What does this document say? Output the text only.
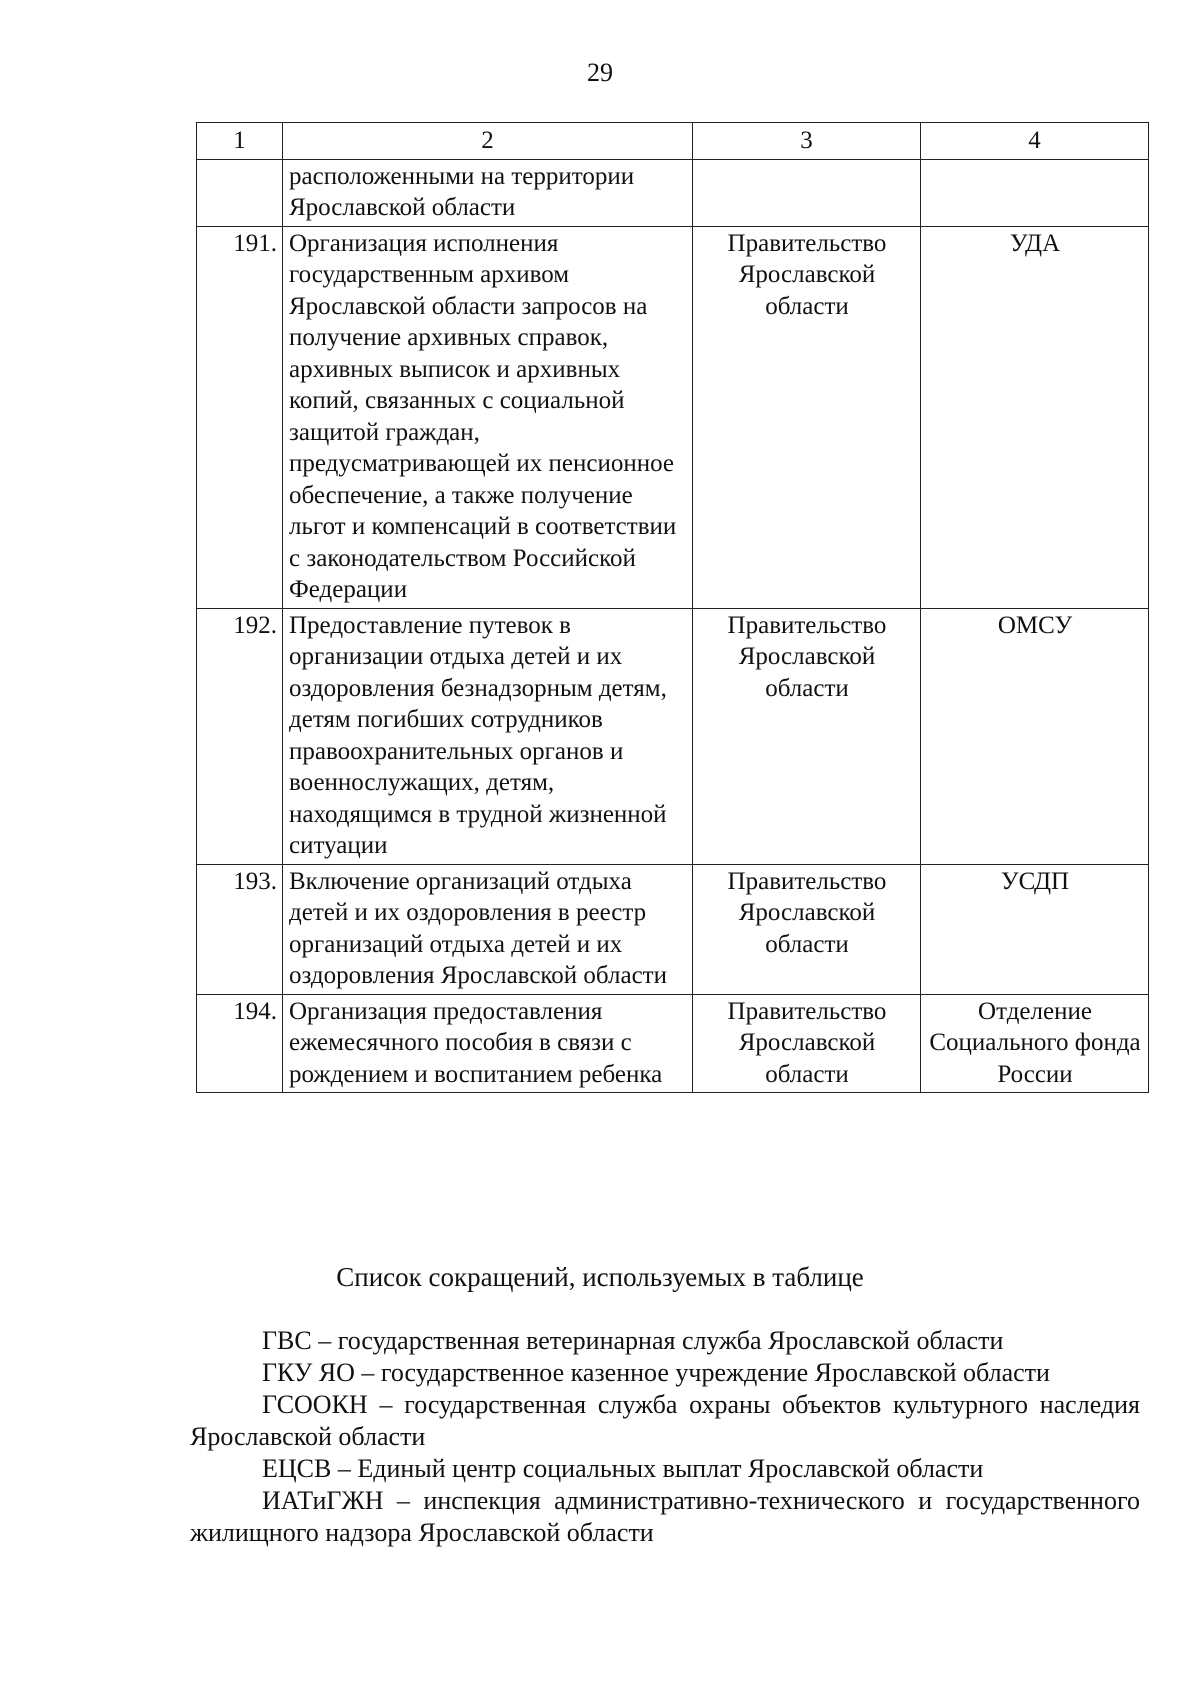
29
1	2	3	4
	расположенными на территории Ярославской области		
191.	Организация исполнения государственным архивом Ярославской области запросов на получение архивных справок, архивных выписок и архивных копий, связанных с социальной защитой граждан, предусматривающей их пенсионное обеспечение, а также получение льгот и компенсаций в соответствии с законодательством Российской Федерации	Правительство Ярославской области	УДА
192.	Предоставление путевок в организации отдыха детей и их оздоровления безнадзорным детям, детям погибших сотрудников правоохранительных органов и военнослужащих, детям, находящимся в трудной жизненной ситуации	Правительство Ярославской области	ОМСУ
193.	Включение организаций отдыха детей и их оздоровления в реестр организаций отдыха детей и их оздоровления Ярославской области	Правительство Ярославской области	УСДП
194.	Организация предоставления ежемесячного пособия в связи с рождением и воспитанием ребенка	Правительство Ярославской области	Отделение Социального фонда России
Список сокращений, используемых в таблице

ГВС – государственная ветеринарная служба Ярославской области

ГКУ ЯО – государственное казенное учреждение Ярославской области

ГСООКН – государственная служба охраны объектов культурного наследия Ярославской области

ЕЦСВ – Единый центр социальных выплат Ярославской области

ИАТиГЖН – инспекция административно-технического и государственного жилищного надзора Ярославской области
